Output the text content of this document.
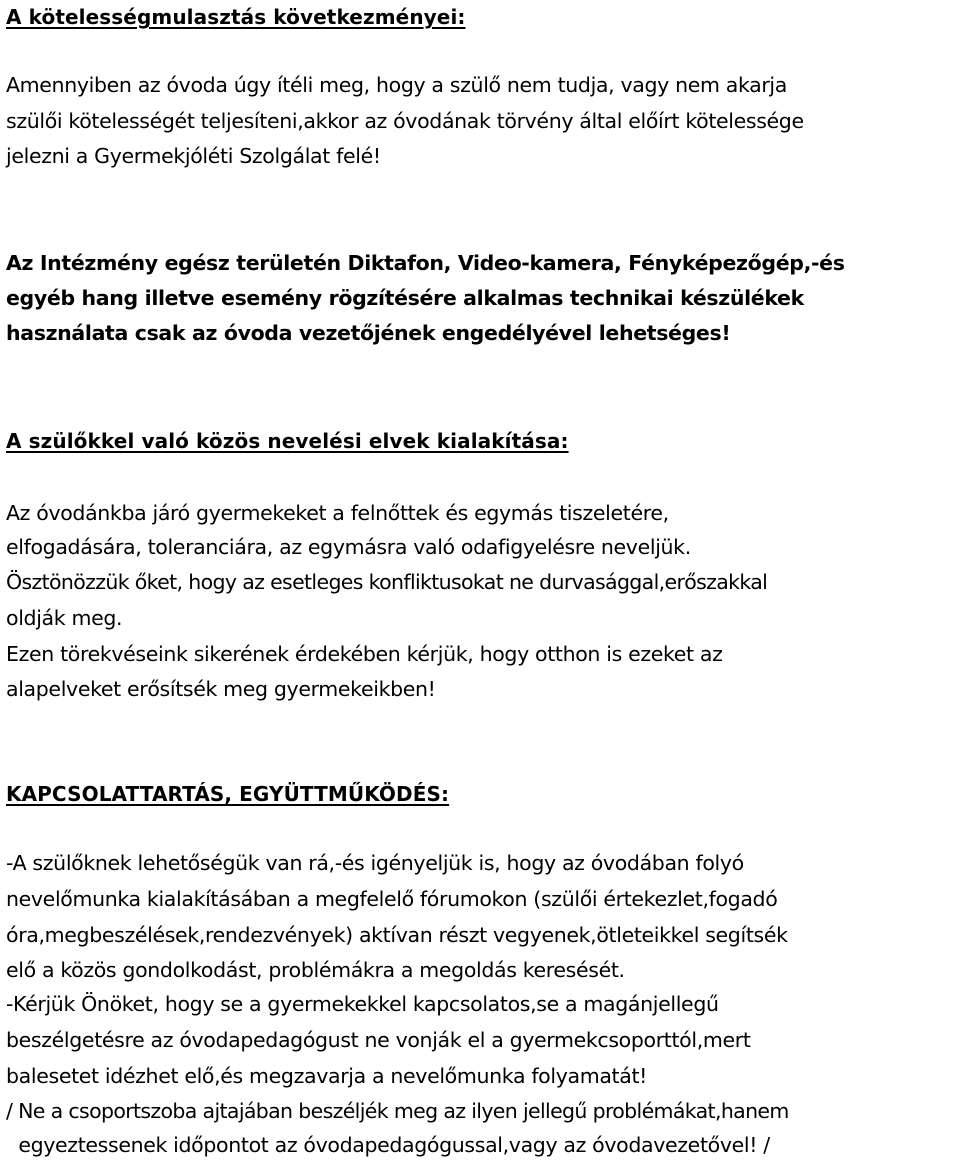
A kötelességmulasztás következményei:
Amennyiben az óvoda úgy ítéli meg, hogy a szülő nem tudja, vagy nem akarja
szülői kötelességét teljesíteni,akkor az óvodának törvény által előírt kötelessége
jelezni a Gyermekjóléti Szolgálat felé!
Az Intézmény egész területén Diktafon, Video-kamera, Fényképezőgép,-és
egyéb hang illetve esemény rögzítésére alkalmas technikai készülékek
használata csak az óvoda vezetőjének engedélyével lehetséges!
A szülőkkel való közös nevelési elvek kialakítása:
Az óvodánkba járó gyermekeket a felnőttek és egymás tiszeletére,
elfogadására, toleranciára, az egymásra való odafigyelésre neveljük.
Ösztönözzük őket, hogy az esetleges konfliktusokat ne durvasággal,erőszakkal
oldják meg.
Ezen törekvéseink sikerének érdekében kérjük, hogy otthon is ezeket az
alapelveket erősítsék meg gyermekeikben!
KAPCSOLATTARTÁS, EGYÜTTMŰKÖDÉS:
-A szülőknek lehetőségük van rá,-és igényeljük is, hogy az óvodában folyó
nevelőmunka kialakításában a megfelelő fórumokon (szülői értekezlet,fogadó
óra,megbeszélések,rendezvények) aktívan részt vegyenek,ötleteikkel segítsék
elő a közös gondolkodást, problémákra a megoldás keresését.
-Kérjük Önöket, hogy se a gyermekekkel kapcsolatos,se a magánjellegű
beszélgetésre az óvodapedagógust ne vonják el a gyermekcsoporttól,mert
balesetet idézhet elő,és megzavarja a nevelőmunka folyamatát!
/ Ne a csoportszoba ajtajában beszéljék meg az ilyen jellegű problémákat,hanem
egyeztessenek időpontot az óvodapedagógussal,vagy az óvodavezetővel! /
